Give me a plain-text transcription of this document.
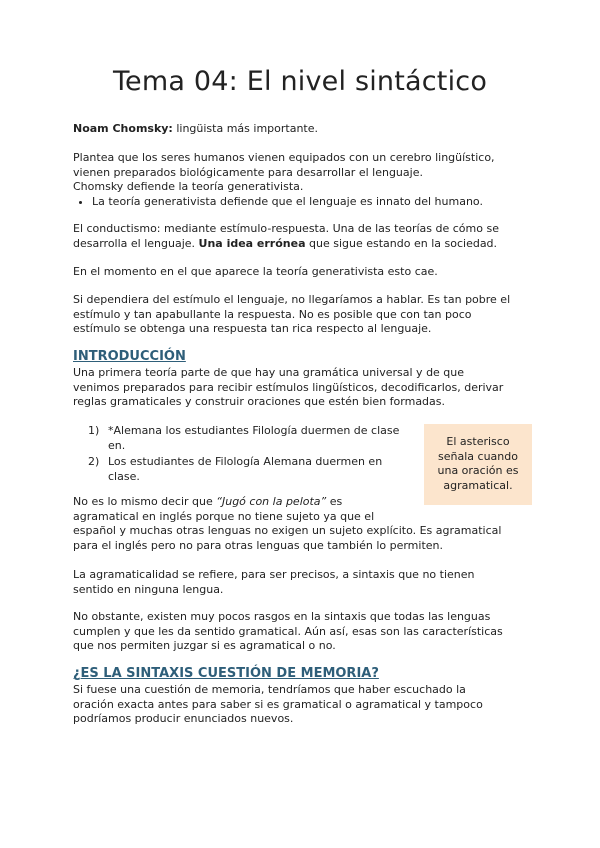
Tema 04: El nivel sintáctico
Noam Chomsky: lingüista más importante.
Plantea que los seres humanos vienen equipados con un cerebro lingüístico,
vienen preparados biológicamente para desarrollar el lenguaje.
Chomsky defiende la teoría generativista.
• La teoría generativista defiende que el lenguaje es innato del humano.
El conductismo: mediante estímulo-respuesta. Una de las teorías de cómo se
desarrolla el lenguaje. Una idea errónea que sigue estando en la sociedad.
En el momento en el que aparece la teoría generativista esto cae.
Si dependiera del estímulo el lenguaje, no llegaríamos a hablar. Es tan pobre el
estímulo y tan apabullante la respuesta. No es posible que con tan poco
estímulo se obtenga una respuesta tan rica respecto al lenguaje.
INTRODUCCIÓN
Una primera teoría parte de que hay una gramática universal y de que
venimos preparados para recibir estímulos lingüísticos, decodificarlos, derivar
reglas gramaticales y construir oraciones que estén bien formadas.
1) *Alemana los estudiantes Filología duermen de clase
en.
2) Los estudiantes de Filología Alemana duermen en
clase.
El asterisco
señala cuando
una oración es
agramatical.
No es lo mismo decir que “Jugó con la pelota” es
agramatical en inglés porque no tiene sujeto ya que el
español y muchas otras lenguas no exigen un sujeto explícito. Es agramatical
para el inglés pero no para otras lenguas que también lo permiten.
La agramaticalidad se refiere, para ser precisos, a sintaxis que no tienen
sentido en ninguna lengua.
No obstante, existen muy pocos rasgos en la sintaxis que todas las lenguas
cumplen y que les da sentido gramatical. Aún así, esas son las características
que nos permiten juzgar si es agramatical o no.
¿ES LA SINTAXIS CUESTIÓN DE MEMORIA?
Si fuese una cuestión de memoria, tendríamos que haber escuchado la
oración exacta antes para saber si es gramatical o agramatical y tampoco
podríamos producir enunciados nuevos.
